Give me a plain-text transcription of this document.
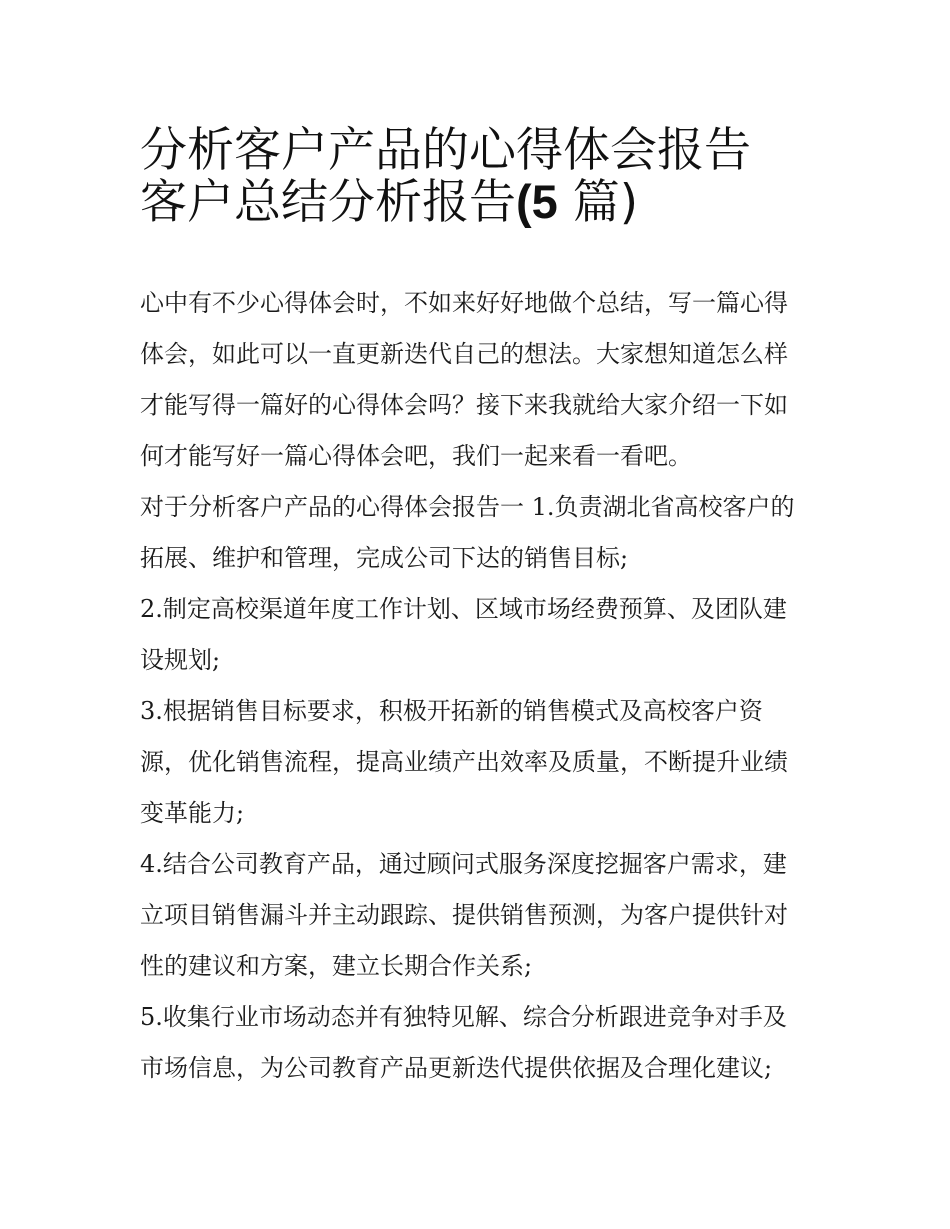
分析客户产品的心得体会报告
客户总结分析报告(5 篇)

心中有不少心得体会时，不如来好好地做个总结，写一篇心得
体会，如此可以一直更新迭代自己的想法。大家想知道怎么样
才能写得一篇好的心得体会吗？接下来我就给大家介绍一下如
何才能写好一篇心得体会吧，我们一起来看一看吧。

对于分析客户产品的心得体会报告一 1.负责湖北省高校客户的
拓展、维护和管理，完成公司下达的销售目标;

2.制定高校渠道年度工作计划、区域市场经费预算、及团队建
设规划;

3.根据销售目标要求，积极开拓新的销售模式及高校客户资
源，优化销售流程，提高业绩产出效率及质量，不断提升业绩
变革能力;

4.结合公司教育产品，通过顾问式服务深度挖掘客户需求，建
立项目销售漏斗并主动跟踪、提供销售预测，为客户提供针对
性的建议和方案，建立长期合作关系;

5.收集行业市场动态并有独特见解、综合分析跟进竞争对手及
市场信息，为公司教育产品更新迭代提供依据及合理化建议;
